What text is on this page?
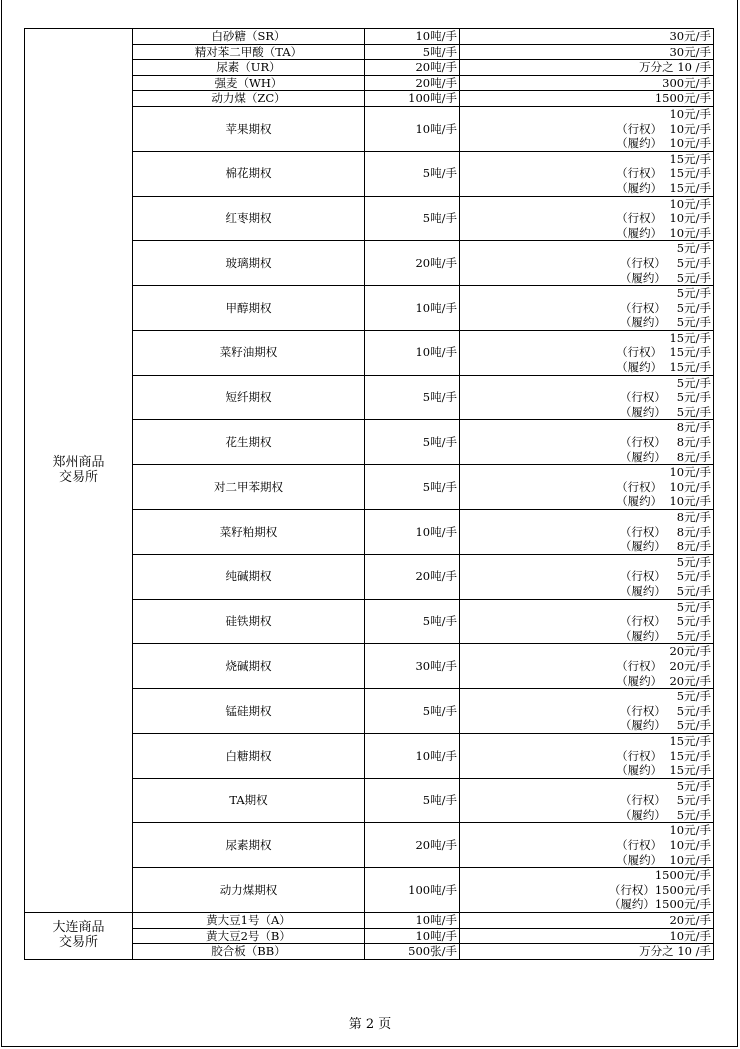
郑州商品交易所	白砂糖（SR）	10吨/手	30元/手

	精对苯二甲酸（TA）	5吨/手	30元/手

	尿素（UR）	20吨/手	万分之 10 /手

	强麦（WH）	20吨/手	300元/手

	动力煤（ZC）	100吨/手	1500元/手

	苹果期权	10吨/手	10元/手
（行权）  10元/手
（履约）  10元/手

	棉花期权	5吨/手	15元/手
（行权）  15元/手
（履约）  15元/手

	红枣期权	5吨/手	10元/手
（行权）  10元/手
（履约）  10元/手

	玻璃期权	20吨/手	5元/手
（行权）   5元/手
（履约）   5元/手

	甲醇期权	10吨/手	5元/手
（行权）   5元/手
（履约）   5元/手

	菜籽油期权	10吨/手	15元/手
（行权）  15元/手
（履约）  15元/手

	短纤期权	5吨/手	5元/手
（行权）   5元/手
（履约）   5元/手

	花生期权	5吨/手	8元/手
（行权）   8元/手
（履约）   8元/手

	对二甲苯期权	5吨/手	10元/手
（行权）  10元/手
（履约）  10元/手

	菜籽粕期权	10吨/手	8元/手
（行权）   8元/手
（履约）   8元/手

	纯碱期权	20吨/手	5元/手
（行权）   5元/手
（履约）   5元/手

	硅铁期权	5吨/手	5元/手
（行权）   5元/手
（履约）   5元/手

	烧碱期权	30吨/手	20元/手
（行权）  20元/手
（履约）  20元/手

	锰硅期权	5吨/手	5元/手
（行权）   5元/手
（履约）   5元/手

	白糖期权	10吨/手	15元/手
（行权）  15元/手
（履约）  15元/手

	TA期权	5吨/手	5元/手
（行权）   5元/手
（履约）   5元/手

	尿素期权	20吨/手	10元/手
（行权）  10元/手
（履约）  10元/手

	动力煤期权	100吨/手	1500元/手
（行权）1500元/手
（履约）1500元/手

大连商品交易所	黄大豆1号（A）	10吨/手	20元/手

	黄大豆2号（B）	10吨/手	10元/手

	胶合板（BB）	500张/手	万分之 10 /手
第 2 页
